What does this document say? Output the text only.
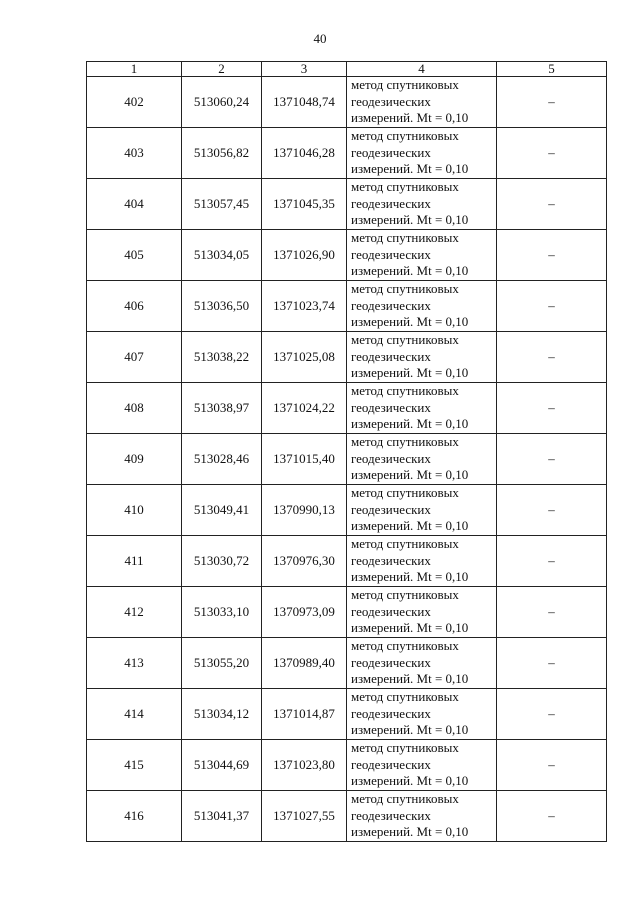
40
1	2	3	4	5
402	513060,24	1371048,74	метод спутниковых
геодезических
измерений. Mt = 0,10	–
403	513056,82	1371046,28	метод спутниковых
геодезических
измерений. Mt = 0,10	–
404	513057,45	1371045,35	метод спутниковых
геодезических
измерений. Mt = 0,10	–
405	513034,05	1371026,90	метод спутниковых
геодезических
измерений. Mt = 0,10	–
406	513036,50	1371023,74	метод спутниковых
геодезических
измерений. Mt = 0,10	–
407	513038,22	1371025,08	метод спутниковых
геодезических
измерений. Mt = 0,10	–
408	513038,97	1371024,22	метод спутниковых
геодезических
измерений. Mt = 0,10	–
409	513028,46	1371015,40	метод спутниковых
геодезических
измерений. Mt = 0,10	–
410	513049,41	1370990,13	метод спутниковых
геодезических
измерений. Mt = 0,10	–
411	513030,72	1370976,30	метод спутниковых
геодезических
измерений. Mt = 0,10	–
412	513033,10	1370973,09	метод спутниковых
геодезических
измерений. Mt = 0,10	–
413	513055,20	1370989,40	метод спутниковых
геодезических
измерений. Mt = 0,10	–
414	513034,12	1371014,87	метод спутниковых
геодезических
измерений. Mt = 0,10	–
415	513044,69	1371023,80	метод спутниковых
геодезических
измерений. Mt = 0,10	–
416	513041,37	1371027,55	метод спутниковых
геодезических
измерений. Mt = 0,10	–
